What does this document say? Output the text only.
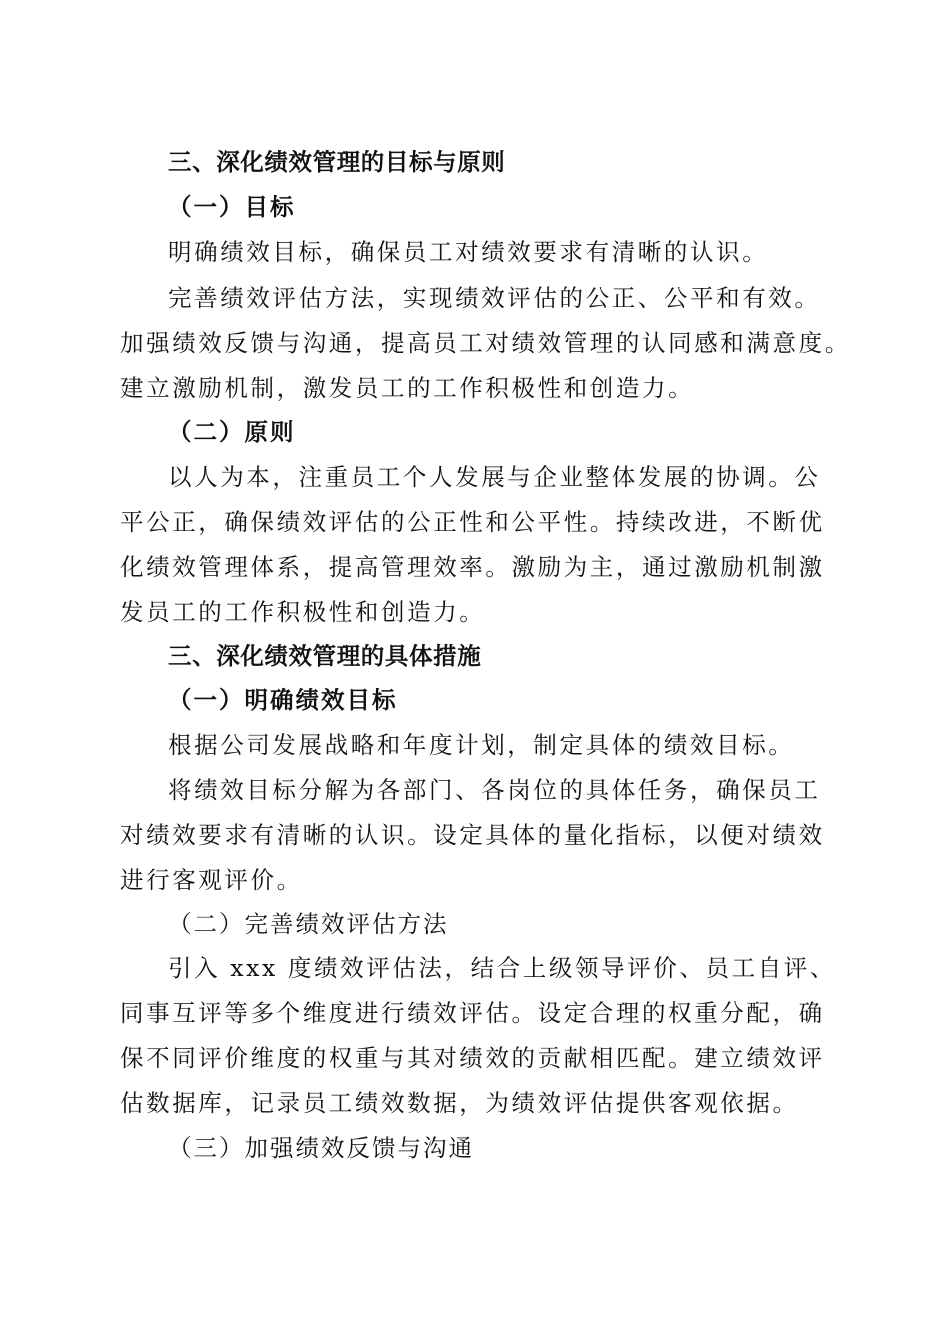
三、深化绩效管理的目标与原则
（一）目标
明确绩效目标，确保员工对绩效要求有清晰的认识。
完善绩效评估方法，实现绩效评估的公正、公平和有效。
加强绩效反馈与沟通，提高员工对绩效管理的认同感和满意度。
建立激励机制，激发员工的工作积极性和创造力。
（二）原则
以人为本，注重员工个人发展与企业整体发展的协调。公
平公正，确保绩效评估的公正性和公平性。持续改进，不断优
化绩效管理体系，提高管理效率。激励为主，通过激励机制激
发员工的工作积极性和创造力。
三、深化绩效管理的具体措施
（一）明确绩效目标
根据公司发展战略和年度计划，制定具体的绩效目标。
将绩效目标分解为各部门、各岗位的具体任务，确保员工
对绩效要求有清晰的认识。设定具体的量化指标，以便对绩效
进行客观评价。
（二）完善绩效评估方法
引入 xxx 度绩效评估法，结合上级领导评价、员工自评、
同事互评等多个维度进行绩效评估。设定合理的权重分配，确
保不同评价维度的权重与其对绩效的贡献相匹配。建立绩效评
估数据库，记录员工绩效数据，为绩效评估提供客观依据。
（三）加强绩效反馈与沟通
